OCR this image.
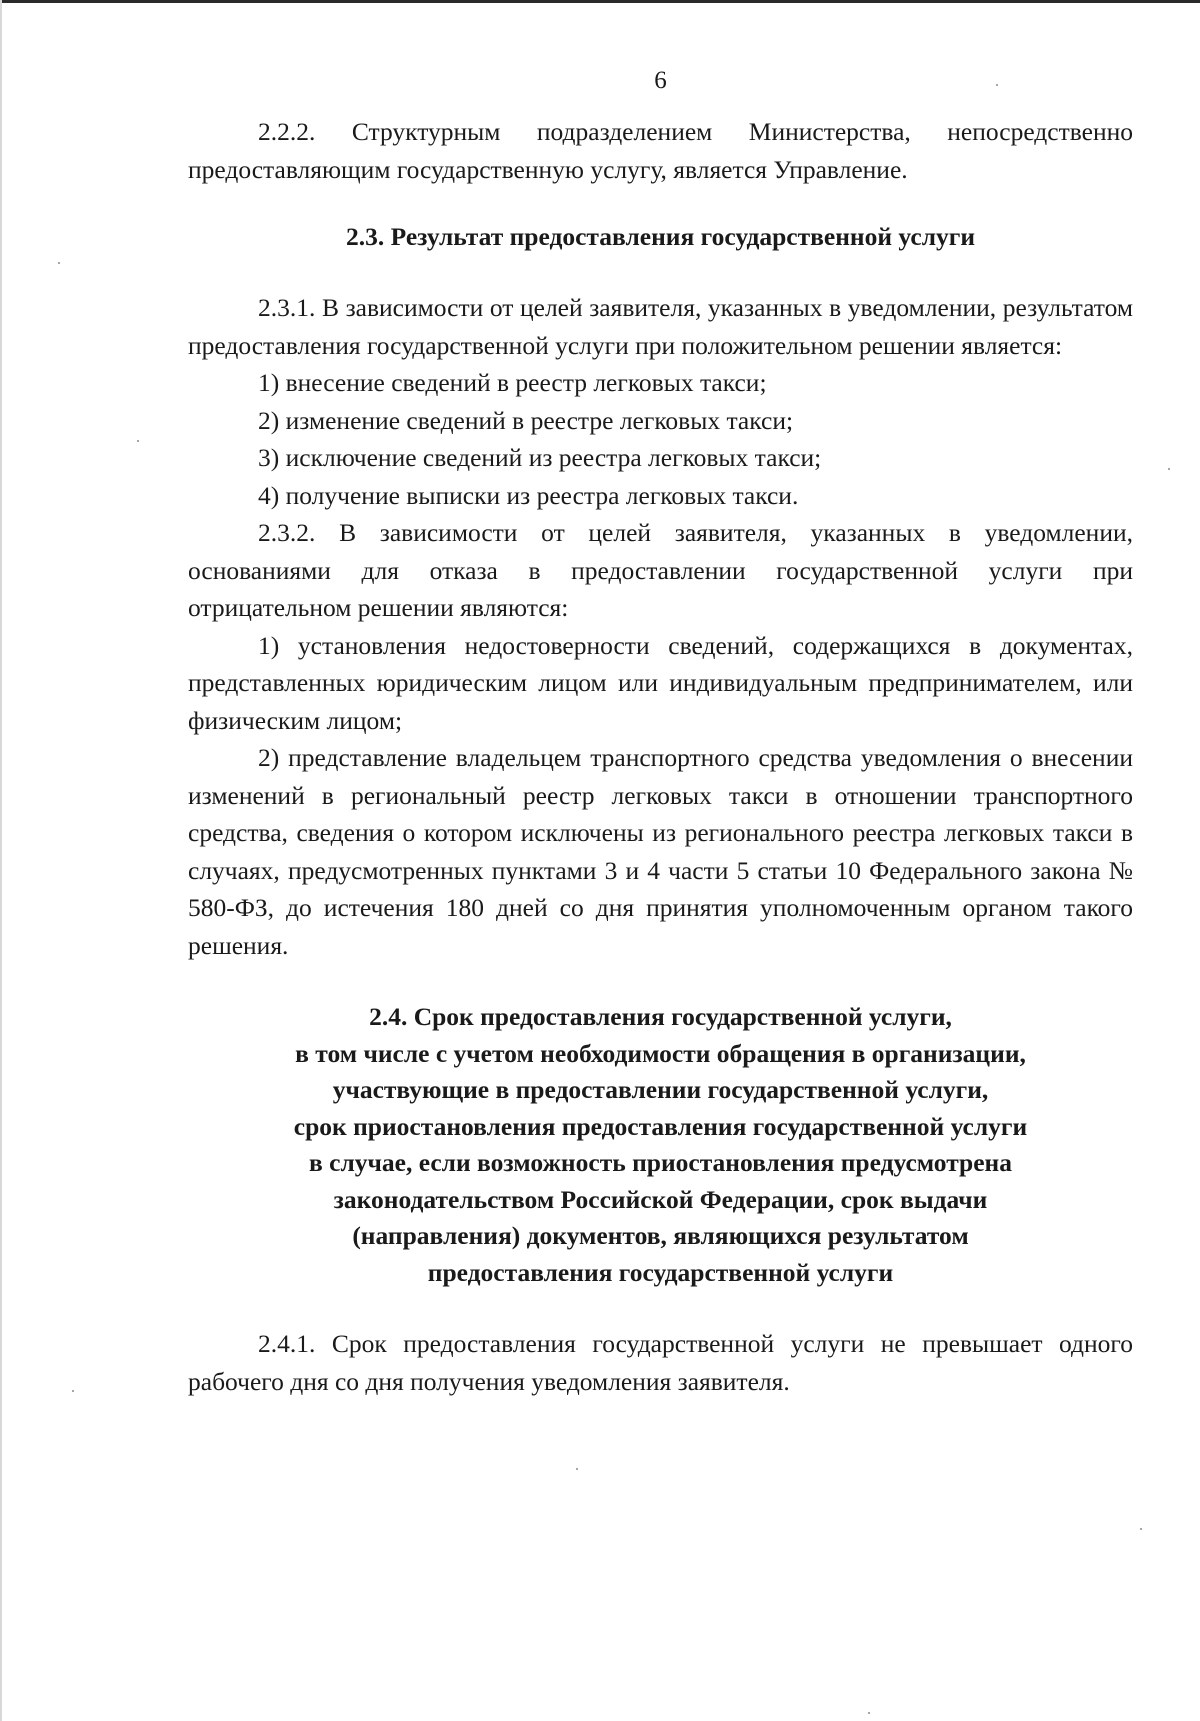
6

2.2.2. Структурным подразделением Министерства, непосредственно предоставляющим государственную услугу, является Управление.

2.3. Результат предоставления государственной услуги

2.3.1. В зависимости от целей заявителя, указанных в уведомлении, результатом предоставления государственной услуги при положительном решении является:

1) внесение сведений в реестр легковых такси;

2) изменение сведений в реестре легковых такси;

3) исключение сведений из реестра легковых такси;

4) получение выписки из реестра легковых такси.

2.3.2. В зависимости от целей заявителя, указанных в уведомлении, основаниями для отказа в предоставлении государственной услуги при отрицательном решении являются:

1) установления недостоверности сведений, содержащихся в документах, представленных юридическим лицом или индивидуальным предпринимателем, или физическим лицом;

2) представление владельцем транспортного средства уведомления о внесении изменений в региональный реестр легковых такси в отношении транспортного средства, сведения о котором исключены из регионального реестра легковых такси в случаях, предусмотренных пунктами 3 и 4 части 5 статьи 10 Федерального закона № 580-ФЗ, до истечения 180 дней со дня принятия уполномоченным органом такого решения.

2.4. Срок предоставления государственной услуги,
в том числе с учетом необходимости обращения в организации,
участвующие в предоставлении государственной услуги,
срок приостановления предоставления государственной услуги
в случае, если возможность приостановления предусмотрена
законодательством Российской Федерации, срок выдачи
(направления) документов, являющихся результатом
предоставления государственной услуги

2.4.1. Срок предоставления государственной услуги не превышает одного рабочего дня со дня получения уведомления заявителя.
